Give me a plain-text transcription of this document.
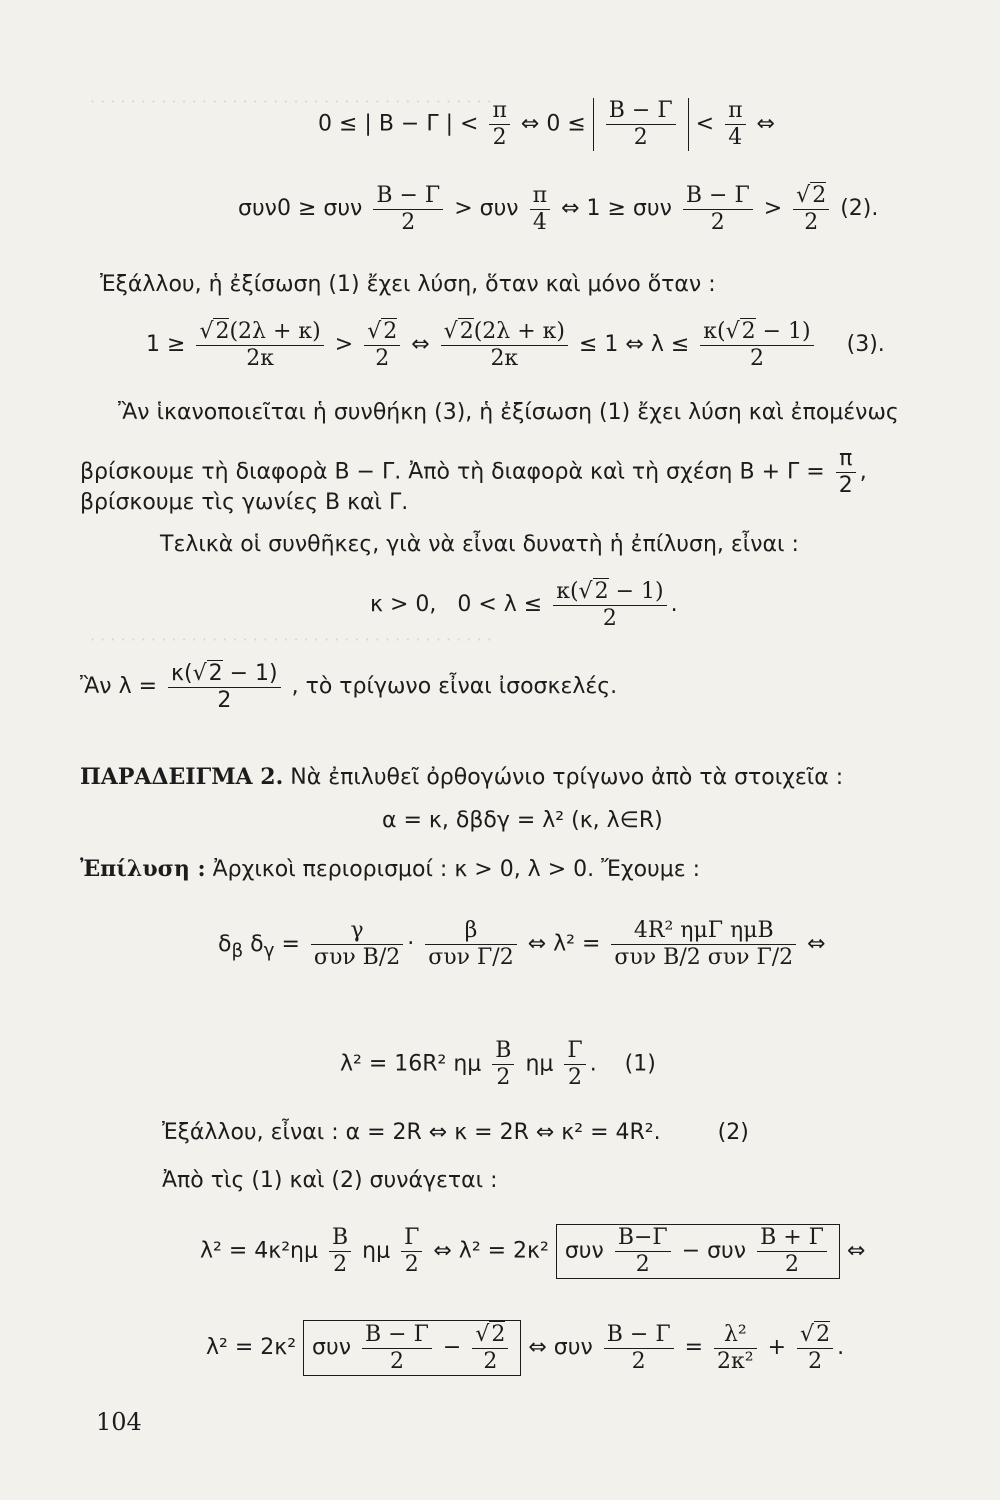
· · · · · · · · · · · · · · · · · · · · · · · · · · · · · · · · · · · · · · · ·
· · · · · · · · · · · · · · · · · · · · · · · · · · · · · · · · · · · · · · · ·
0 ≤ | B − Γ | < $\frac{\pi}{2}$ ⇔ $0 \le \frac{B - \Gamma}{2} < \frac{\pi}{4}$ ⇔
συν0 ≥ συν $\frac{B - \Gamma}{2} > \sigma\upsilon\nu \frac{\pi}{4}$ ⇔ 1 ≥ συν $\frac{B - \Gamma}{2} > \frac{√2}{2} (2)$.
Ἐξάλλου, ἡ ἐξίσωση (1) ἔχει λύση, ὅταν καὶ μόνο ὅταν :
$1 \ge \frac{√2(2\lambda + \kappa)}{2\kappa} > \frac{√2}{2}$ ⇔ $\frac{√2(2\lambda + \kappa)}{2\kappa} \le 1$ ⇔ $\lambda \le \frac{\kappa(√2 - 1)}{2} (3)$.
Ἂν ἱκανοποιεῖται ἡ συνθήκη (3), ἡ ἐξίσωση (1) ἔχει λύση καὶ ἐπομένως
βρίσκουμε τὴ διαφορὰ B − Γ. Ἀπὸ τὴ διαφορὰ καὶ τὴ σχέση $B + \Gamma = \frac{\pi}{2}$ ,
βρίσκουμε τὶς γωνίες B καὶ Γ.
Τελικὰ οἱ συνθῆκες, γιὰ νὰ εἶναι δυνατὴ ἡ ἐπίλυση, εἶναι :
κ > 0,   $0 < \lambda \le \frac{\kappa(√2 - 1)}{2}$ .
Ἂν $\lambda = \frac{\kappa(√2 - 1)}{2}$ , τὸ τρίγωνο εἶναι ἰσοσκελές.
ΠΑΡΑΔΕΙΓΜΑ 2. Νὰ ἐπιλυθεῖ ὀρθογώνιο τρίγωνο ἀπὸ τὰ στοιχεῖα :
α = κ, δβδγ = λ² (κ, λ∈R)
Ἐπίλυση : Ἀρχικοὶ περιορισμοί : κ > 0, λ > 0. Ἔχουμε :
$\delta_\beta$ $\delta_\gamma = \frac{\gamma}{\text{συν B/2}} \cdot \frac{\beta}{\text{συν Γ/2}}$ ⇔ $\lambda^2 = \frac{\text{4R² ημΓ ημB}}{\text{συν B/2 συν Γ/2}}$ ⇔
λ² = 16R² ημ $\frac{B}{2}$ ημ $\frac{\Gamma}{2}$ .    (1)
Ἐξάλλου, εἶναι : α = 2R ⇔ κ = 2R ⇔ κ² = 4R².	(2)
Ἀπὸ τὶς (1) καὶ (2) συνάγεται :
$\lambda^2 = 4\kappa^2\eta\mu \frac{B}{2}$ ημ $\frac{\Gamma}{2}$ ⇔ λ² = 2κ² συν $\frac{B-\Gamma}{2} - \sigma\upsilon\nu \frac{B + \Gamma}{2}$ ⇔
λ² = 2κ² συν $\frac{B - \Gamma}{2} - \frac{√2}{2}$ ⇔ συν $\frac{B - \Gamma}{2} = \frac{\text{λ²}}{\text{2κ²}} + \frac{√2}{2}$ .
104
